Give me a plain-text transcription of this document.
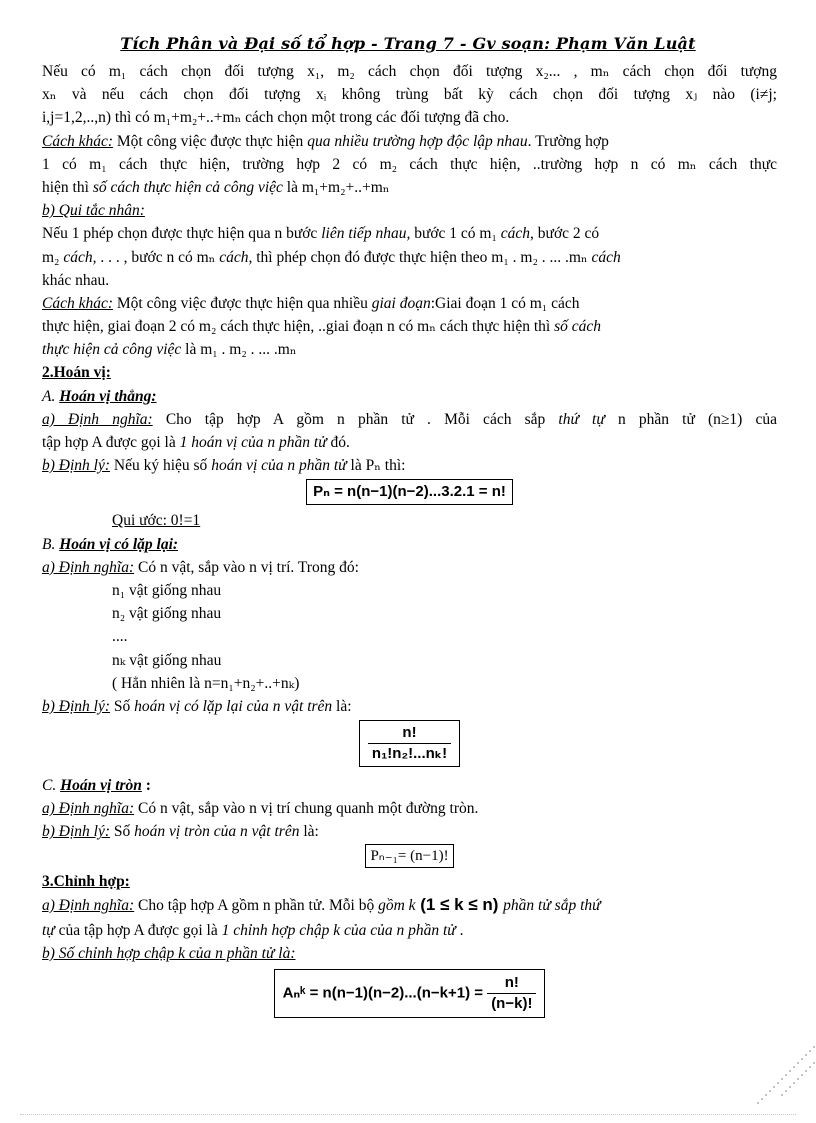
Tích Phân và Đại số tổ hợp - Trang 7 - Gv soạn: Phạm Văn Luật
Nếu có m₁ cách chọn đối tượng x₁, m₂ cách chọn đối tượng x₂... , mₙ cách chọn đối tượng
xₙ và nếu cách chọn đối tượng xᵢ không trùng bất kỳ cách chọn đối tượng xⱼ nào (i≠j;
i,j=1,2,..,n) thì có m₁+m₂+..+mₙ cách chọn một trong các đối tượng đã cho.
Cách khác: Một công việc được thực hiện qua nhiều trường hợp độc lập nhau. Trường hợp
1 có m₁ cách thực hiện, trường hợp 2 có m₂ cách thực hiện, ..trường hợp n có mₙ cách thực
hiện thì số cách thực hiện cả công việc là m₁+m₂+..+mₙ
b) Qui tắc nhân:
Nếu 1 phép chọn được thực hiện qua n bước liên tiếp nhau, bước 1 có m₁ cách, bước 2 có
m₂ cách, . . . , bước n có mₙ cách, thì phép chọn đó được thực hiện theo m₁ . m₂ . ... .mₙ cách
khác nhau.
Cách khác: Một công việc được thực hiện qua nhiều giai đoạn:Giai đoạn 1 có m₁ cách
thực hiện, giai đoạn 2 có m₂ cách thực hiện, ..giai đoạn n có mₙ cách thực hiện thì số cách
thực hiện cả công việc là m₁ . m₂ . ... .mₙ
2.Hoán vị:
A. Hoán vị thẳng:
a) Định nghĩa: Cho tập hợp A gồm n phần tử . Mỗi cách sắp thứ tự n phần tử (n≥1) của
tập hợp A được gọi là 1 hoán vị của n phần tử đó.
b) Định lý: Nếu ký hiệu số hoán vị của n phần tử là Pₙ thì:
Pₙ = n(n−1)(n−2)...3.2.1 = n!
Qui ước: 0!=1
B. Hoán vị có lặp lại:
a) Định nghĩa: Có n vật, sắp vào n vị trí. Trong đó:
n₁ vật giống nhau
n₂ vật giống nhau
....
nₖ vật giống nhau
( Hẳn nhiên là n=n₁+n₂+..+nₖ)
b) Định lý: Số hoán vị có lặp lại của n vật trên là:
$\frac{n!}{\text{n₁!n₂!...nₖ!}}$
C. Hoán vị tròn :
a) Định nghĩa: Có n vật, sắp vào n vị trí chung quanh một đường tròn.
b) Định lý: Số hoán vị tròn của n vật trên là:
Pₙ₋₁= (n−1)!
3.Chỉnh hợp:
a) Định nghĩa: Cho tập hợp A gồm n phần tử. Mỗi bộ gồm k (1 ≤ k ≤ n) phần tử sắp thứ
tự của tập hợp A được gọi là 1 chỉnh hợp chập k của của n phần tử .
b) Số chỉnh hợp chập k của n phần tử là:
Aₙᵏ = $n(n-1)(n-2)...(n-k+1) = \frac{n!}{(n-k)!}$
